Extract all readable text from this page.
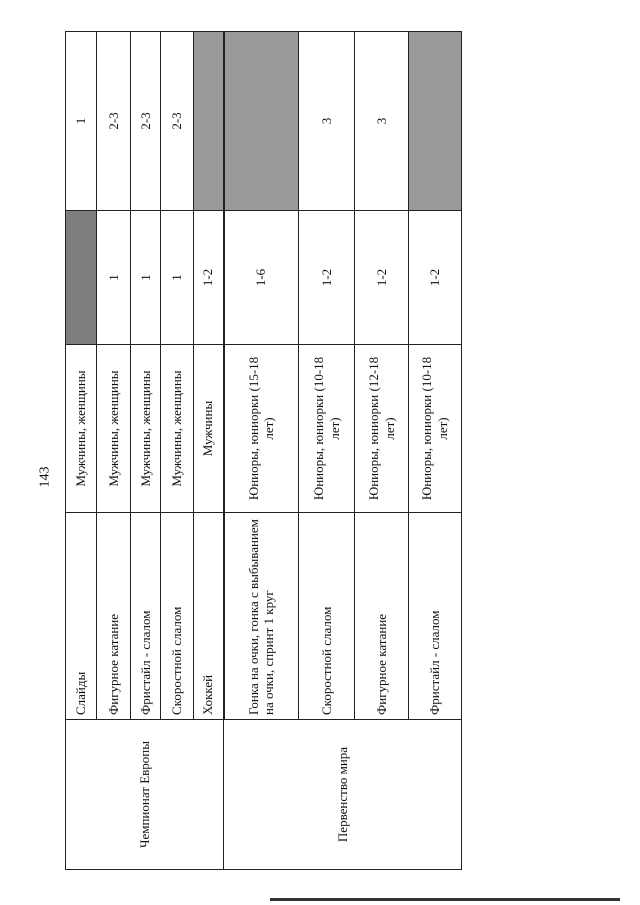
143
Чемпионат Европы	Слайды	Мужчины, женщины		1
	Фигурное катание	Мужчины, женщины	1	2-3
	Фристайл - слалом	Мужчины, женщины	1	2-3
	Скоростной слалом	Мужчины, женщины	1	2-3
	Хоккей	Мужчины	1-2	
Первенство мира	Гонка на очки, гонка с выбыванием на очки, спринт 1 круг	Юниоры, юниорки (15-18 лет)	1-6	
	Скоростной слалом	Юниоры, юниорки (10-18 лет)	1-2	3
	Фигурное катание	Юниоры, юниорки (12-18 лет)	1-2	3
	Фристайл - слалом	Юниоры, юниорки (10-18 лет)	1-2	
